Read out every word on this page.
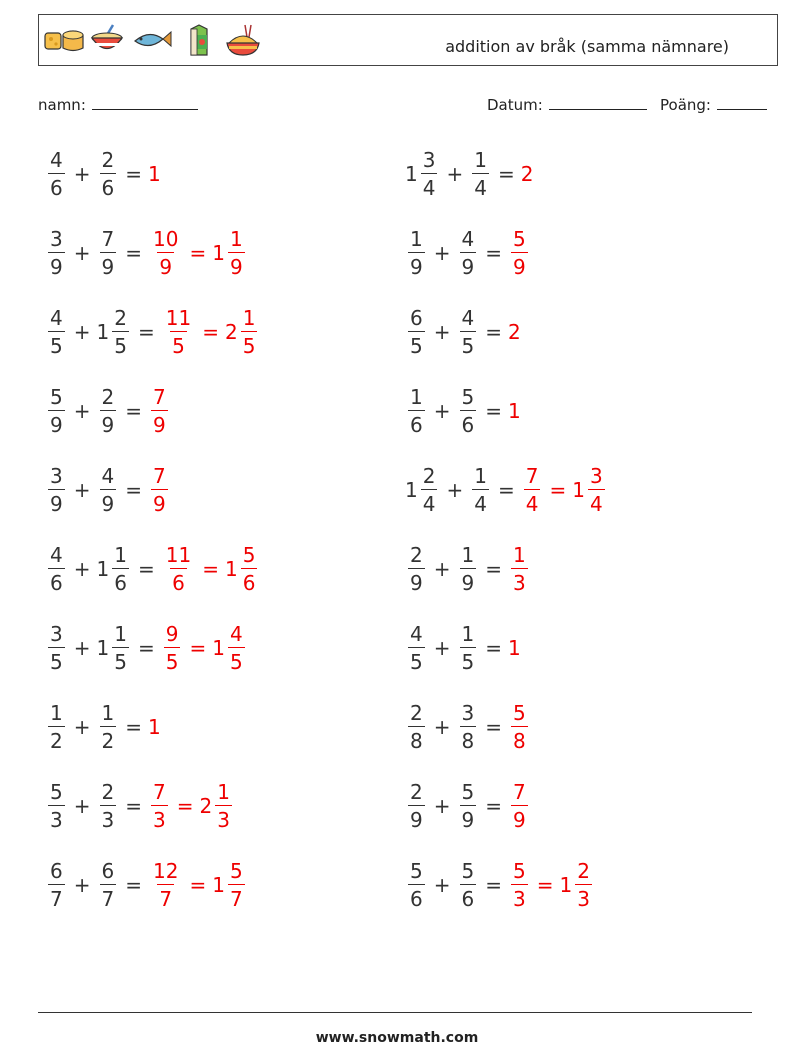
addition av bråk (samma nämnare)
namn:	Datum:	Poäng:
$\frac{4}{6} + \frac{2}{6} = 1$	$1 \frac{3}{4} + \frac{1}{4} = 2$
$\frac{3}{9} + \frac{7}{9} = \frac{10}{9} = 1 \frac{1}{9}$	$\frac{1}{9} + \frac{4}{9} = \frac{5}{9}$
$\frac{4}{5} + 1 \frac{2}{5} = \frac{11}{5} = 2 \frac{1}{5}$	$\frac{6}{5} + \frac{4}{5} = 2$
$\frac{5}{9} + \frac{2}{9} = \frac{7}{9}$	$\frac{1}{6} + \frac{5}{6} = 1$
$\frac{3}{9} + \frac{4}{9} = \frac{7}{9}$	$1 \frac{2}{4} + \frac{1}{4} = \frac{7}{4} = 1 \frac{3}{4}$
$\frac{4}{6} + 1 \frac{1}{6} = \frac{11}{6} = 1 \frac{5}{6}$	$\frac{2}{9} + \frac{1}{9} = \frac{1}{3}$
$\frac{3}{5} + 1 \frac{1}{5} = \frac{9}{5} = 1 \frac{4}{5}$	$\frac{4}{5} + \frac{1}{5} = 1$
$\frac{1}{2} + \frac{1}{2} = 1$	$\frac{2}{8} + \frac{3}{8} = \frac{5}{8}$
$\frac{5}{3} + \frac{2}{3} = \frac{7}{3} = 2 \frac{1}{3}$	$\frac{2}{9} + \frac{5}{9} = \frac{7}{9}$
$\frac{6}{7} + \frac{6}{7} = \frac{12}{7} = 1 \frac{5}{7}$	$\frac{5}{6} + \frac{5}{6} = \frac{5}{3} = 1 \frac{2}{3}$
www.snowmath.com
